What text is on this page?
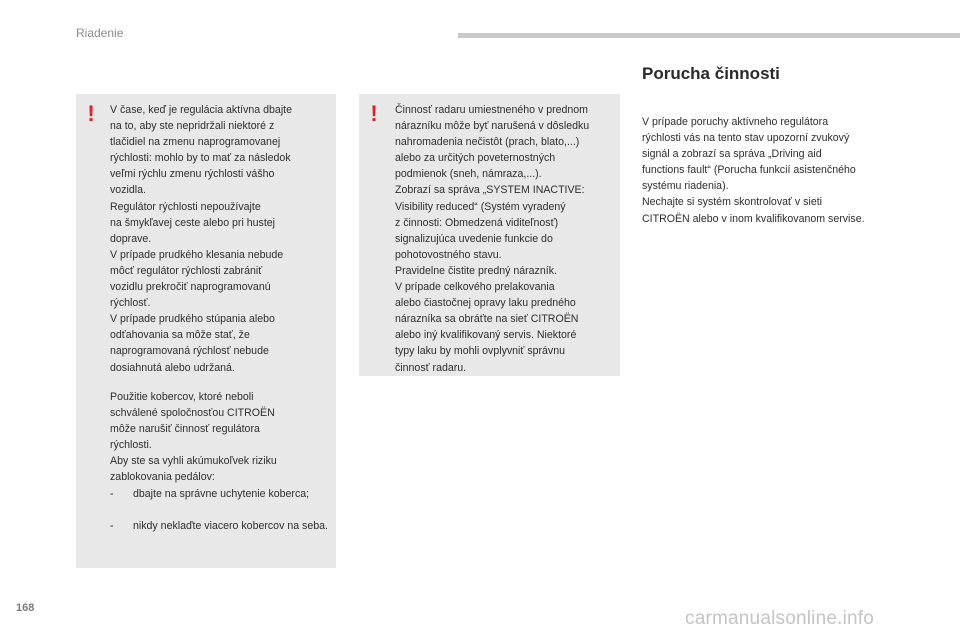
Riadenie
! V čase, keď je regulácia aktívna dbajte
na to, aby ste nepridržali niektoré z
tlačidiel na zmenu naprogramovanej
rýchlosti: mohlo by to mať za následok
veľmi rýchlu zmenu rýchlosti vášho
vozidla.
Regulátor rýchlosti nepoužívajte
na šmykľavej ceste alebo pri hustej
doprave.
V prípade prudkého klesania nebude
môcť regulátor rýchlosti zabrániť
vozidlu prekročiť naprogramovanú
rýchlosť.
V prípade prudkého stúpania alebo
odťahovania sa môže stať, že
naprogramovaná rýchlosť nebude
dosiahnutá alebo udržaná.
Použitie kobercov, ktoré neboli
schválené spoločnosťou CITROËN
môže narušiť činnosť regulátora
rýchlosti.
Aby ste sa vyhli akúmukoľvek riziku
zablokovania pedálov:
-	dbajte na správne uchytenie koberca;
-	nikdy neklaďte viacero kobercov na seba.
! Činnosť radaru umiestneného v prednom
nárazníku môže byť narušená v dôsledku
nahromadenia nečistôt (prach, blato,...)
alebo za určitých poveternostných
podmienok (sneh, námraza,...).
Zobrazí sa správa „SYSTEM INACTIVE:
Visibility reduced“ (Systém vyradený
z činnosti: Obmedzená viditeľnosť)
signalizujúca uvedenie funkcie do
pohotovostného stavu.
Pravidelne čistite predný nárazník.
V prípade celkového prelakovania
alebo čiastočnej opravy laku predného
nárazníka sa obráťte na sieť CITROËN
alebo iný kvalifikovaný servis. Niektoré
typy laku by mohli ovplyvniť správnu
činnosť radaru.
Porucha činnosti
V prípade poruchy aktívneho regulátora
rýchlosti vás na tento stav upozorní zvukový
signál a zobrazí sa správa „Driving aid
functions fault“ (Porucha funkcií asistenčného
systému riadenia).
Nechajte si systém skontrolovať v sieti
CITROËN alebo v inom kvalifikovanom servise.
168	carmanualsonline.info
